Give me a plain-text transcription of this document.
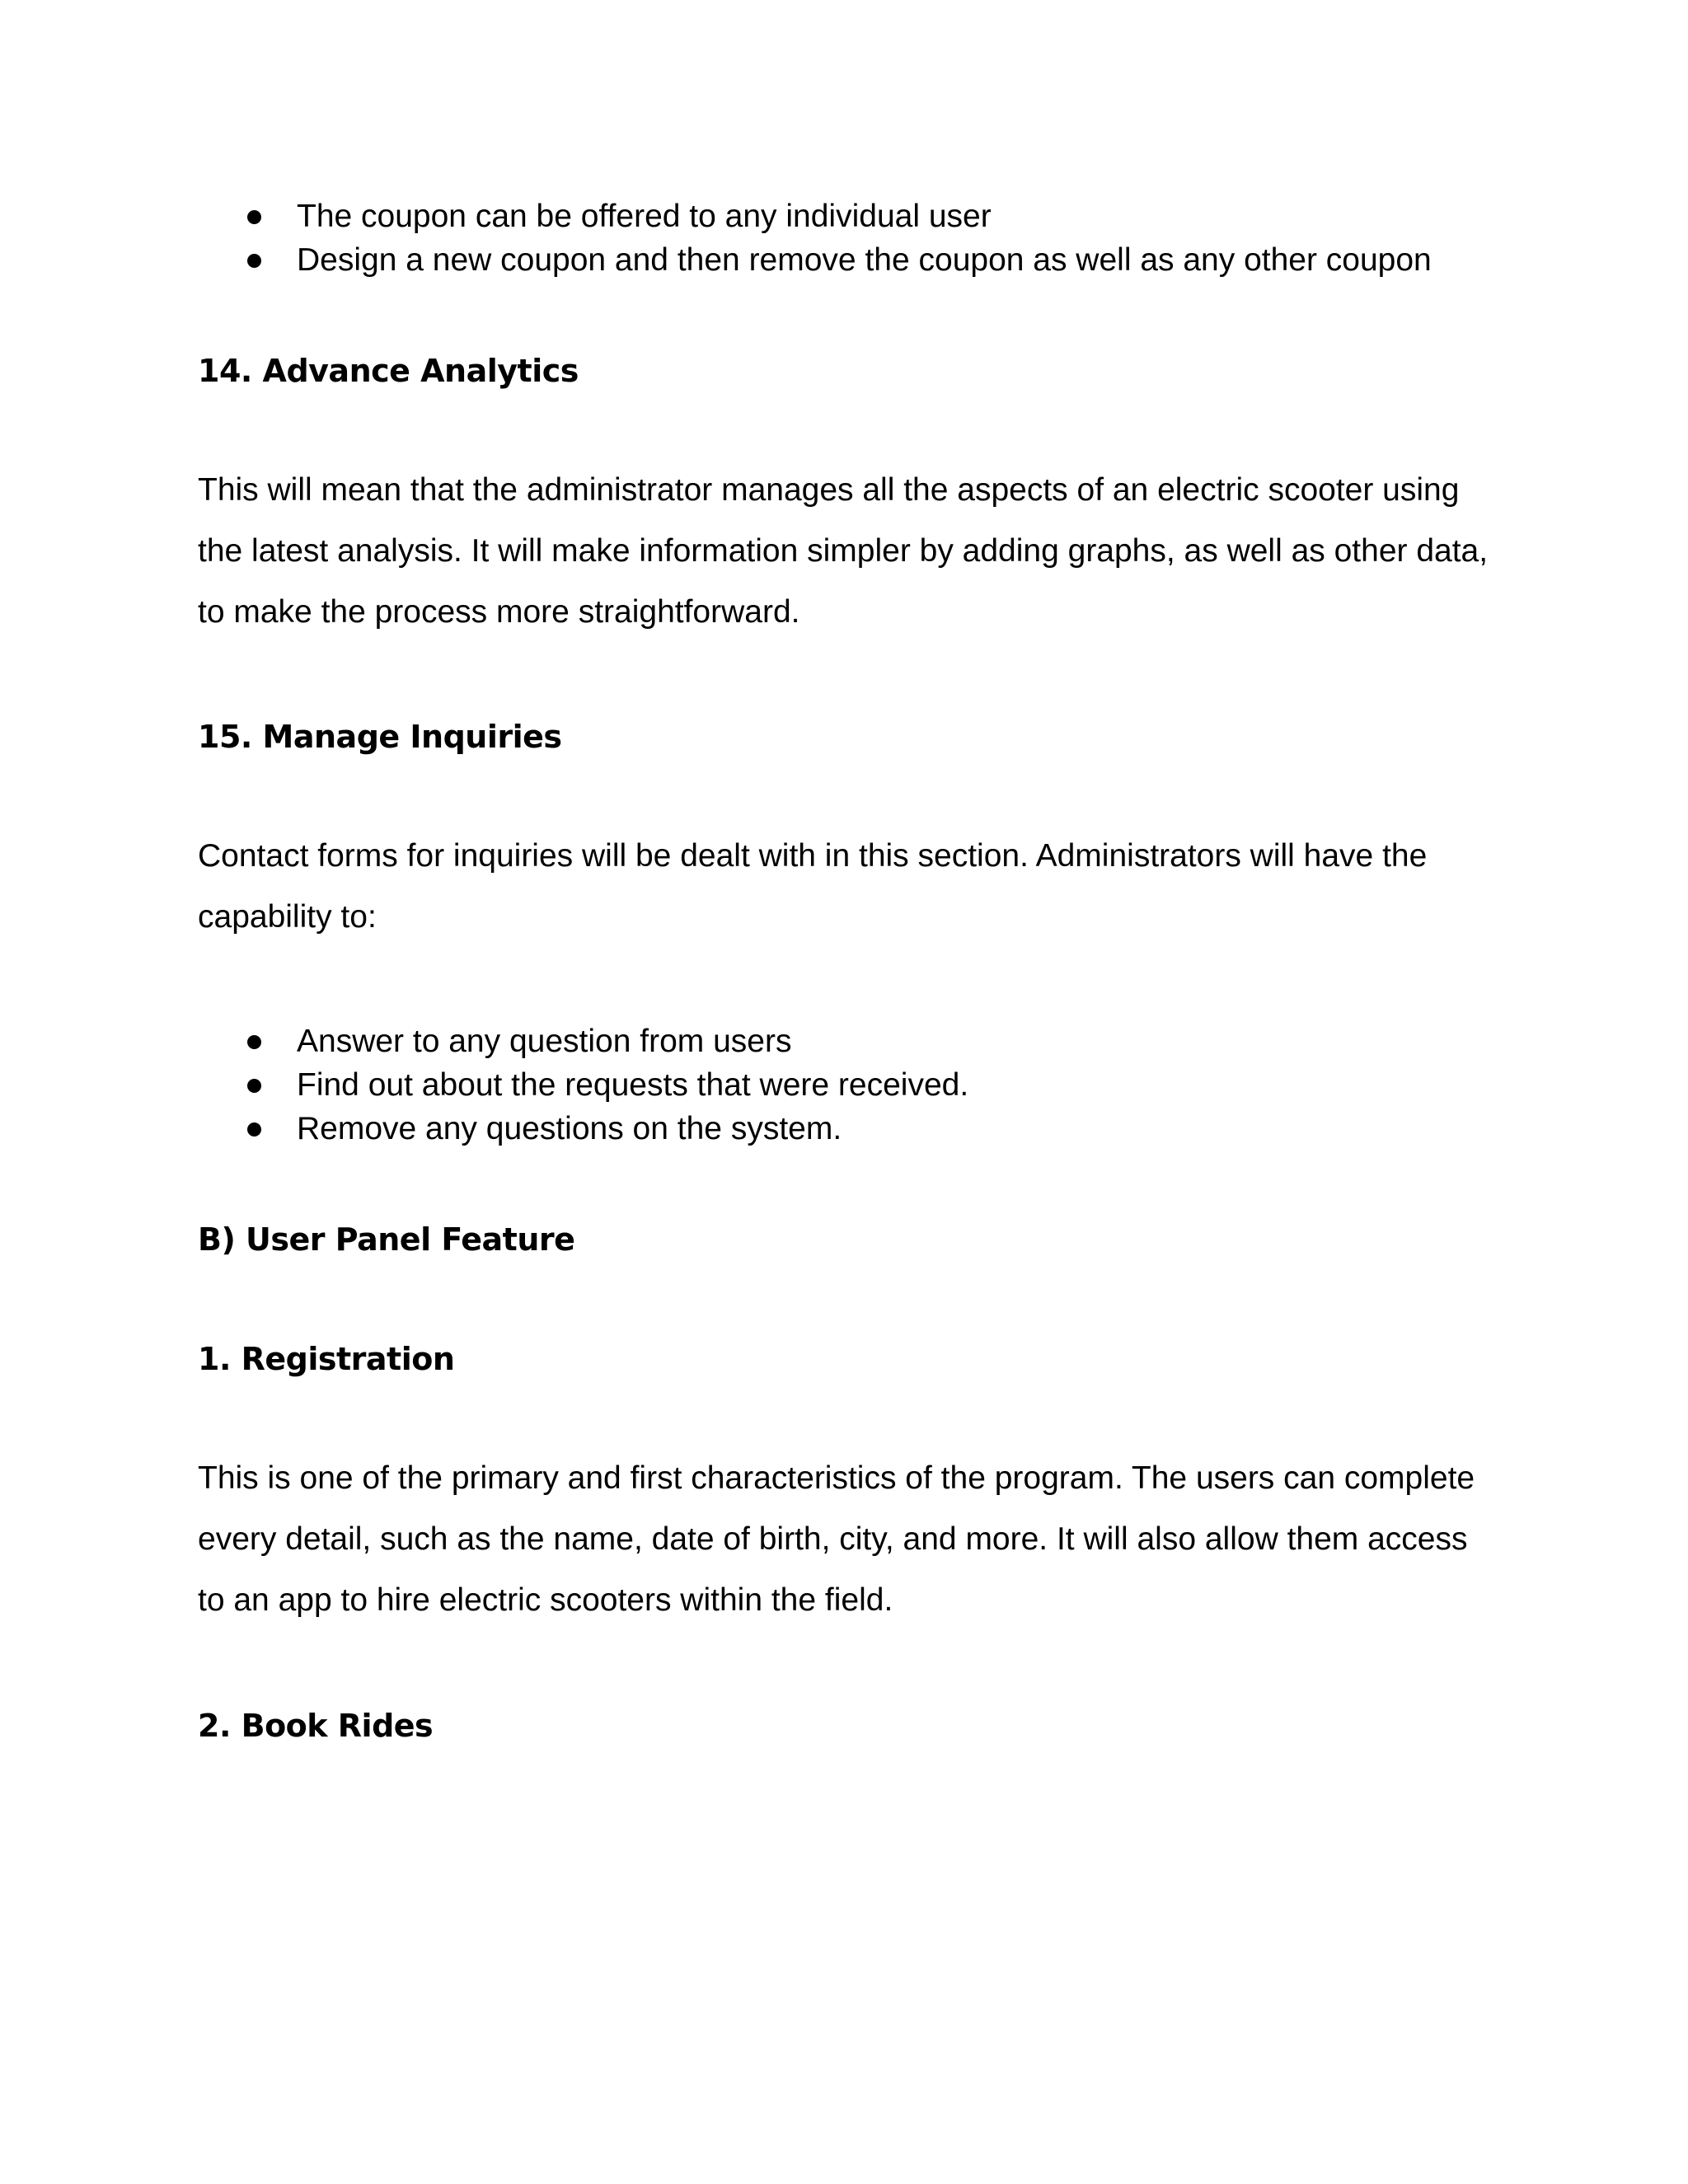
The coupon can be offered to any individual user
Design a new coupon and then remove the coupon as well as any other coupon
14. Advance Analytics

This will mean that the administrator manages all the aspects of an electric scooter using the latest analysis. It will make information simpler by adding graphs, as well as other data, to make the process more straightforward.

15. Manage Inquiries

Contact forms for inquiries will be dealt with in this section. Administrators will have the capability to:

Answer to any question from users
Find out about the requests that were received.
Remove any questions on the system.
B) User Panel Feature
1. Registration

This is one of the primary and first characteristics of the program. The users can complete every detail, such as the name, date of birth, city, and more. It will also allow them access to an app to hire electric scooters within the field.

2. Book Rides
